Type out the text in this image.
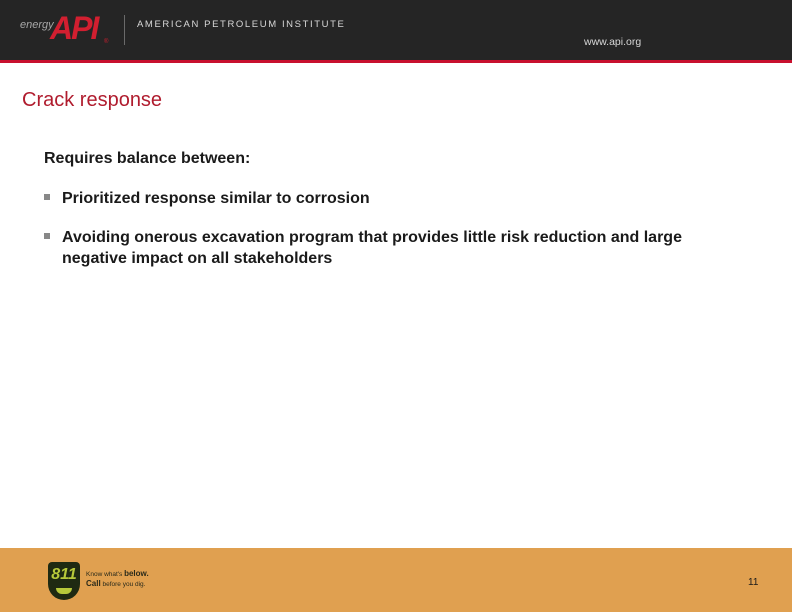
energy
API ®
AMERICAN PETROLEUM INSTITUTE
www.api.org
Crack response
Requires balance between:
Prioritized response similar to corrosion
Avoiding onerous excavation program that provides little risk reduction and large negative impact on all stakeholders
811	Know what's below.
Call before you dig.	11
